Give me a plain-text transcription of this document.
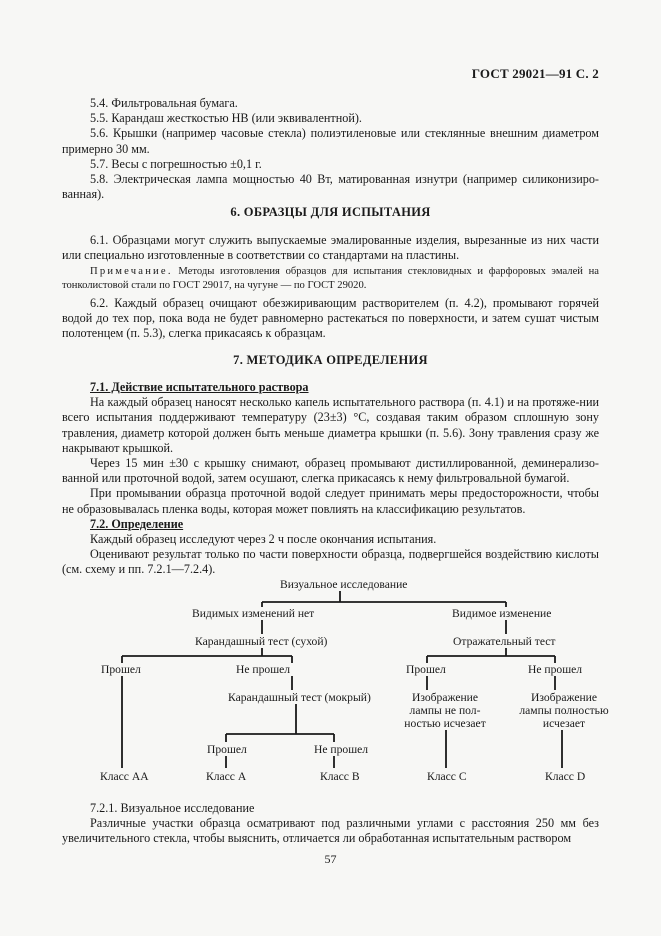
ГОСТ 29021—91 С. 2

5.4. Фильтровальная бумага.

5.5. Карандаш жесткостью HB (или эквивалентной).

5.6. Крышки (например часовые стекла) полиэтиленовые или стеклянные внешним диаметром примерно 30 мм.

5.7. Весы с погрешностью ±0,1 г.

5.8. Электрическая лампа мощностью 40 Вт, матированная изнутри (например силиконизиро-ванная).

6. ОБРАЗЦЫ ДЛЯ ИСПЫТАНИЯ
6.1. Образцами могут служить выпускаемые эмалированные изделия, вырезанные из них части или специально изготовленные в соответствии со стандартами на пластины.
Примечание. Методы изготовления образцов для испытания стекловидных и фарфоровых эмалей на тонколистовой стали по ГОСТ 29017, на чугуне — по ГОСТ 29020.
6.2. Каждый образец очищают обезжиривающим растворителем (п. 4.2), промывают горячей водой до тех пор, пока вода не будет равномерно растекаться по поверхности, и затем сушат чистым полотенцем (п. 5.3), слегка прикасаясь к образцам.
7. МЕТОДИКА ОПРЕДЕЛЕНИЯ

7.1. Действие испытательного раствора

На каждый образец наносят несколько капель испытательного раствора (п. 4.1) и на протяже-нии всего испытания поддерживают температуру (23±3) °С, создавая таким образом сплошную зону травления, диаметр которой должен быть меньше диаметра крышки (п. 5.6). Зону травления сразу же накрывают крышкой.

Через 15 мин ±30 с крышку снимают, образец промывают дистиллированной, деминерализо-ванной или проточной водой, затем осушают, слегка прикасаясь к нему фильтровальной бумагой.

При промывании образца проточной водой следует принимать меры предосторожности, чтобы не образовывалась пленка воды, которая может повлиять на классификацию результатов.

7.2. Определение

Каждый образец исследуют через 2 ч после окончания испытания.

Оценивают результат только по части поверхности образца, подвергшейся воздействию кислоты (см. схему и пп. 7.2.1—7.2.4).

Визуальное исследование
Видимых изменений нет	Видимое изменение
Карандашный тест (сухой)	Отражательный тест
Прошел	Не прошел	Прошел	Не прошел
Карандашный тест (мокрый)	Изображение лампы не пол-ностью исчезает
Изображение лампы полностью исчезает
Прошел	Не прошел
Класс АА	Класс А	Класс В	Класс С	Класс D

7.2.1. Визуальное исследование

Различные участки образца осматривают под различными углами с расстояния 250 мм без увеличительного стекла, чтобы выяснить, отличается ли обработанная испытательным раствором

57
